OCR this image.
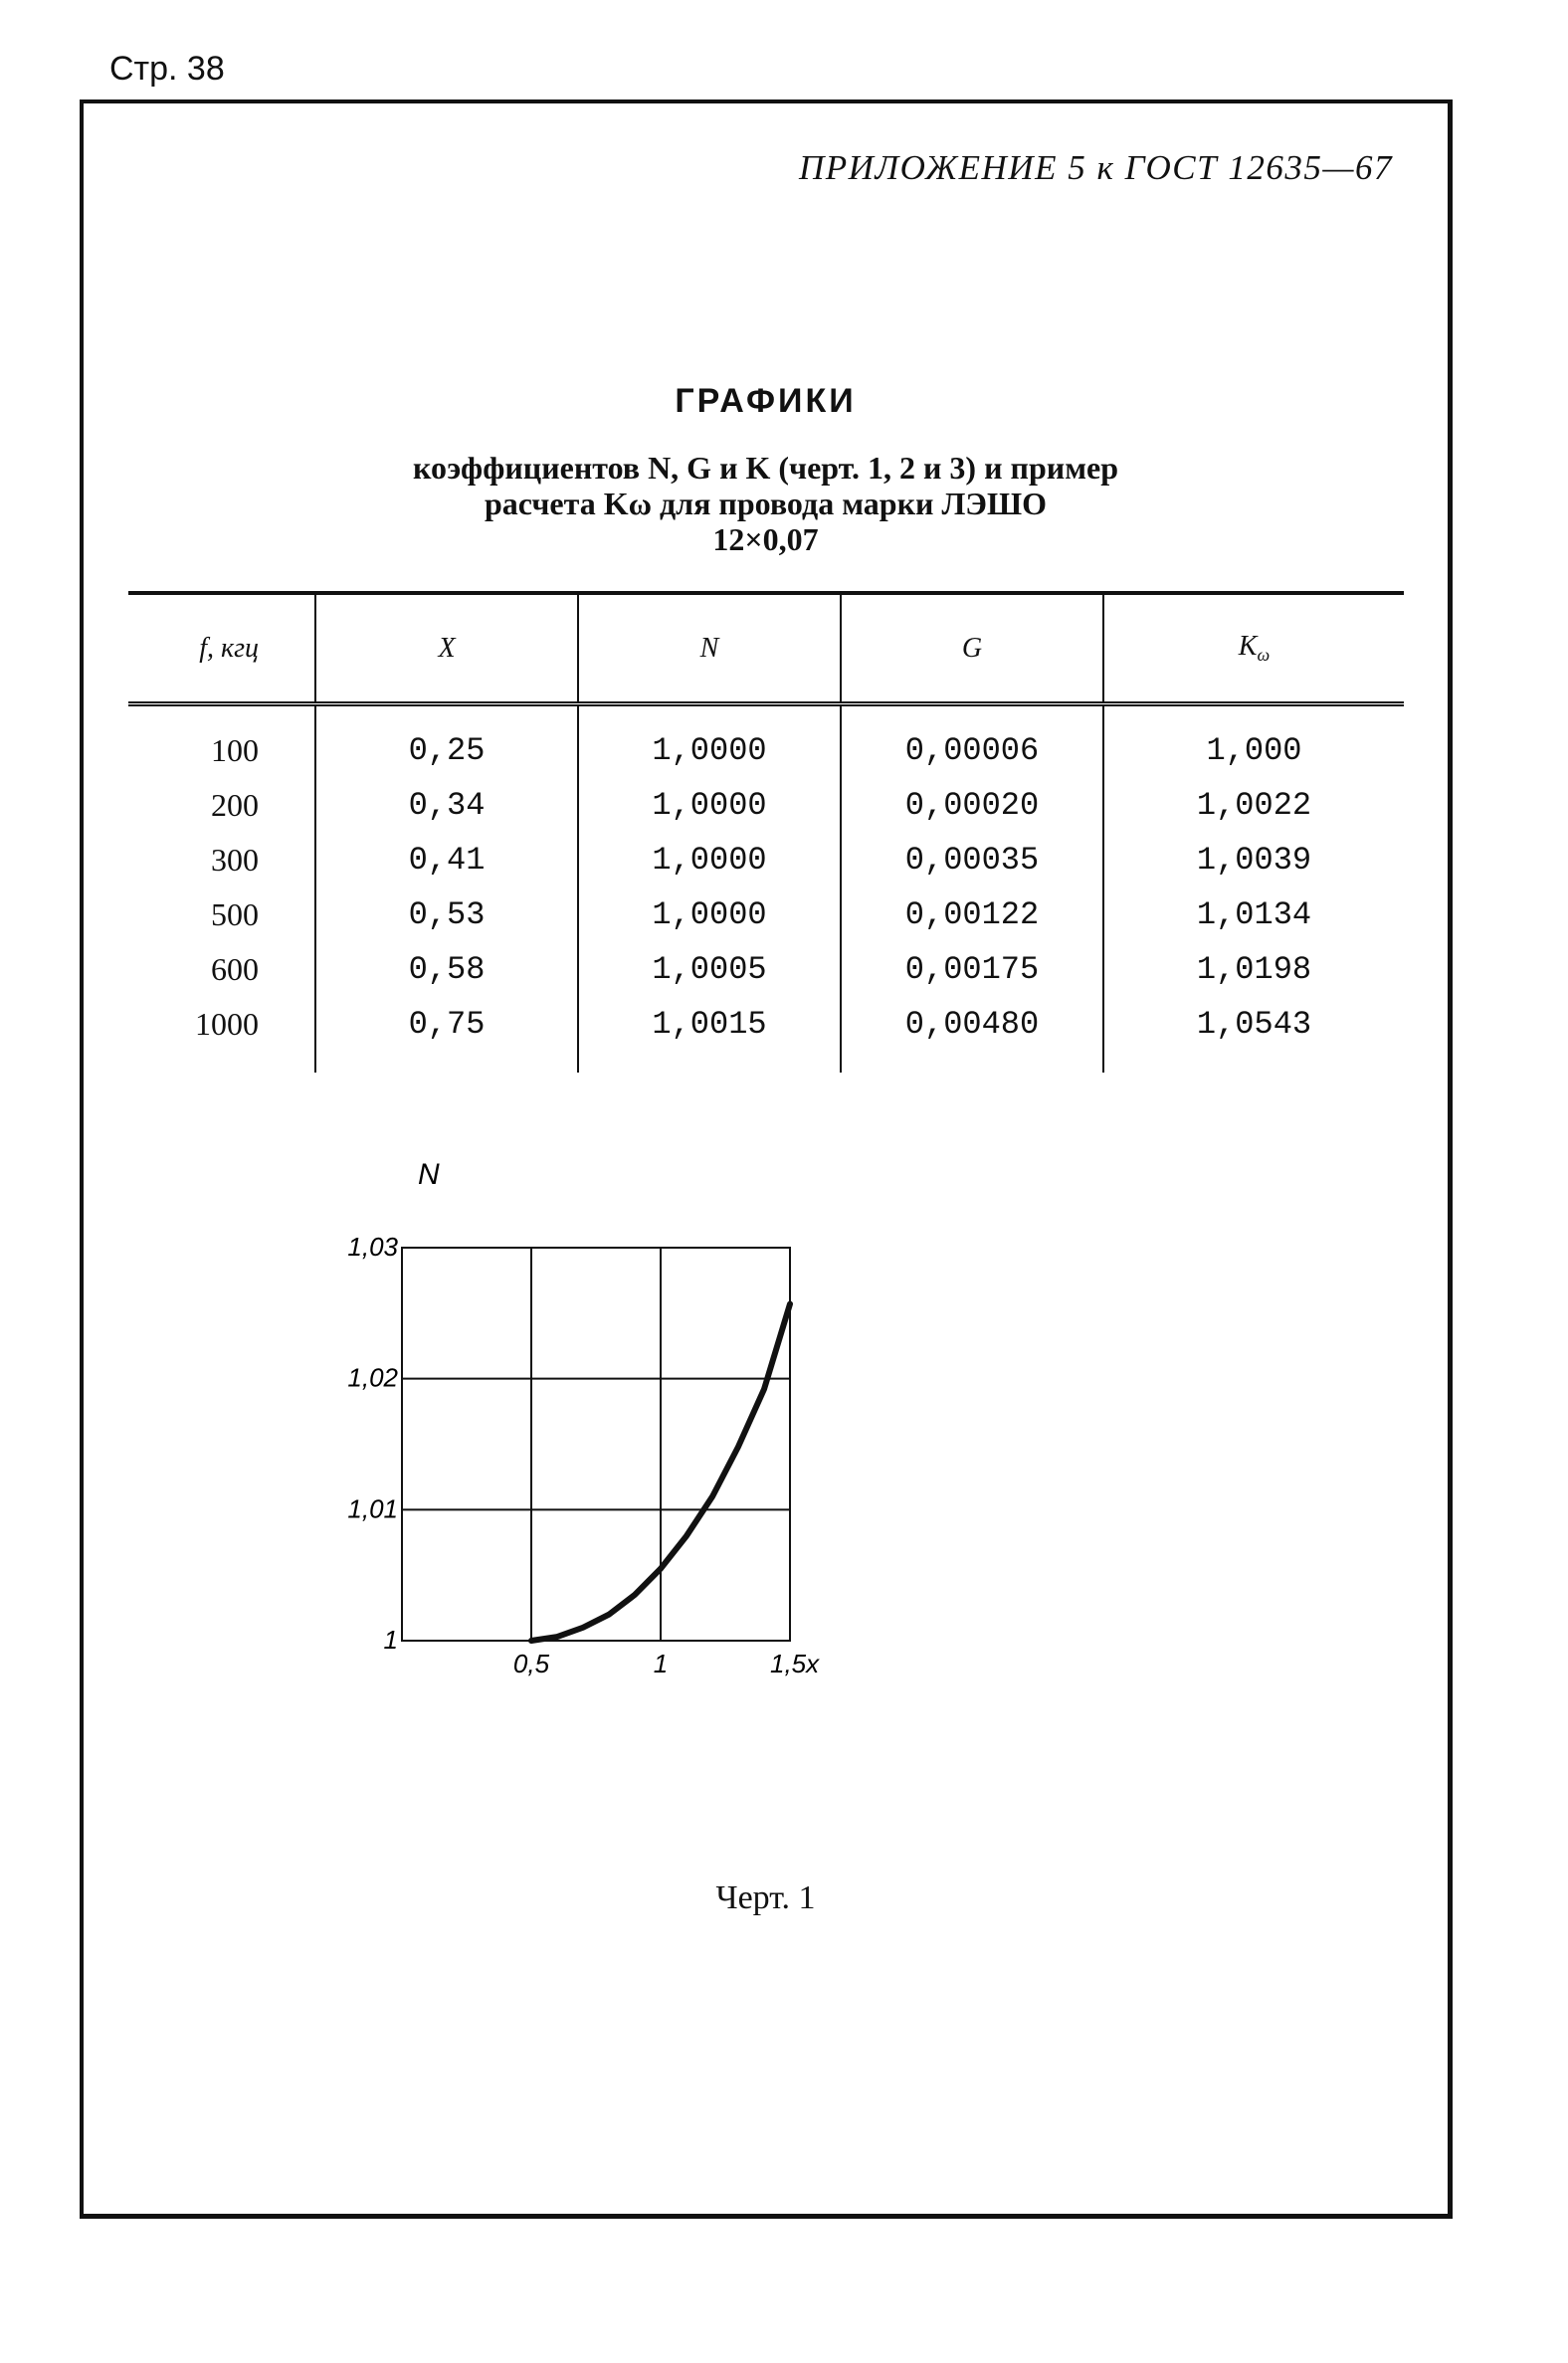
Стр. 38
ПРИЛОЖЕНИЕ 5 к ГОСТ 12635—67
ГРАФИКИ
коэффициентов N, G и K (черт. 1, 2 и 3) и пример
расчета Kω для провода марки ЛЭШО
12×0,07
f, кгц	X	N	G	$K_\omega$
100	0,25	1,0000	0,00006	1,000
200	0,34	1,0000	0,00020	1,0022
300	0,41	1,0000	0,00035	1,0039
500	0,53	1,0000	0,00122	1,0134
600	0,58	1,0005	0,00175	1,0198
1000	0,75	1,0015	0,00480	1,0543
1
1,01
1,02
1,03
0,5	1	1,5x
N
Черт. 1
